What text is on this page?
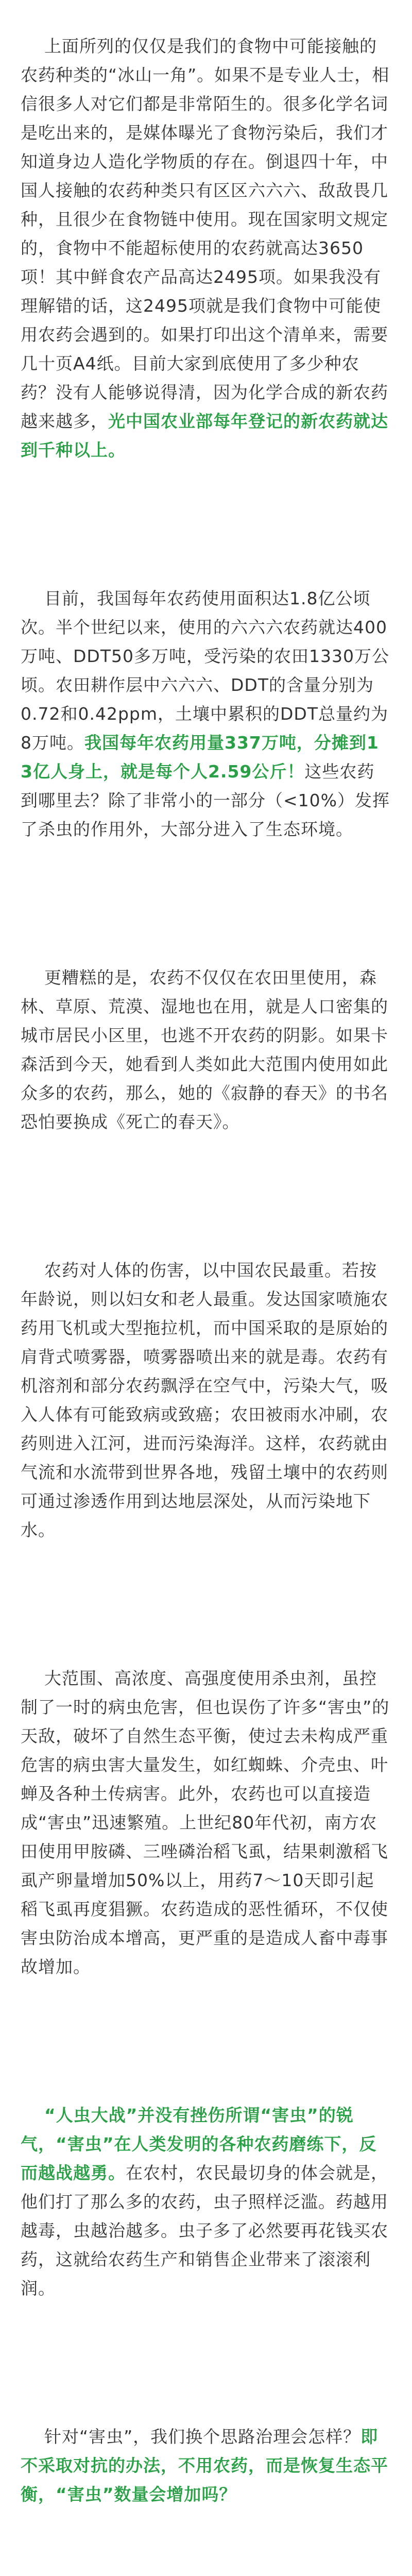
上面所列的仅仅是我们的食物中可能接触的农药种类的“冰山一角”。如果不是专业人士，相信很多人对它们都是非常陌生的。很多化学名词是吃出来的，是媒体曝光了食物污染后，我们才知道身边人造化学物质的存在。倒退四十年，中国人接触的农药种类只有区区六六六、敌敌畏几种，且很少在食物链中使用。现在国家明文规定的，食物中不能超标使用的农药就高达3650项！其中鲜食农产品高达2495项。如果我没有理解错的话，这2495项就是我们食物中可能使用农药会遇到的。如果打印出这个清单来，需要几十页A4纸。目前大家到底使用了多少种农药？没有人能够说得清，因为化学合成的新农药越来越多，光中国农业部每年登记的新农药就达到千种以上。

目前，我国每年农药使用面积达1.8亿公顷次。半个世纪以来，使用的六六六农药就达400万吨、DDT50多万吨，受污染的农田1330万公顷。农田耕作层中六六六、DDT的含量分别为0.72和0.42ppm，土壤中累积的DDT总量约为8万吨。我国每年农药用量337万吨，分摊到13亿人身上，就是每个人2.59公斤！这些农药到哪里去？除了非常小的一部分（<10%）发挥了杀虫的作用外，大部分进入了生态环境。

更糟糕的是，农药不仅仅在农田里使用，森林、草原、荒漠、湿地也在用，就是人口密集的城市居民小区里，也逃不开农药的阴影。如果卡森活到今天，她看到人类如此大范围内使用如此众多的农药，那么，她的《寂静的春天》的书名恐怕要换成《死亡的春天》。

农药对人体的伤害，以中国农民最重。若按年龄说，则以妇女和老人最重。发达国家喷施农药用飞机或大型拖拉机，而中国采取的是原始的肩背式喷雾器，喷雾器喷出来的就是毒。农药有机溶剂和部分农药飘浮在空气中，污染大气，吸入人体有可能致病或致癌；农田被雨水冲刷，农药则进入江河，进而污染海洋。这样，农药就由气流和水流带到世界各地，残留土壤中的农药则可通过渗透作用到达地层深处，从而污染地下水。

大范围、高浓度、高强度使用杀虫剂，虽控制了一时的病虫危害，但也误伤了许多“害虫”的天敌，破坏了自然生态平衡，使过去未构成严重危害的病虫害大量发生，如红蜘蛛、介壳虫、叶蝉及各种土传病害。此外，农药也可以直接造成“害虫”迅速繁殖。上世纪80年代初，南方农田使用甲胺磷、三唑磷治稻飞虱，结果刺激稻飞虱产卵量增加50%以上，用药7～10天即引起稻飞虱再度猖獗。农药造成的恶性循环，不仅使害虫防治成本增高，更严重的是造成人畜中毒事故增加。

“人虫大战”并没有挫伤所谓“害虫”的锐气，“害虫”在人类发明的各种农药磨练下，反而越战越勇。在农村，农民最切身的体会就是，他们打了那么多的农药，虫子照样泛滥。药越用越毒，虫越治越多。虫子多了必然要再花钱买农药，这就给农药生产和销售企业带来了滚滚利润。

针对“害虫”，我们换个思路治理会怎样？即不采取对抗的办法，不用农药，而是恢复生态平衡，“害虫”数量会增加吗？
